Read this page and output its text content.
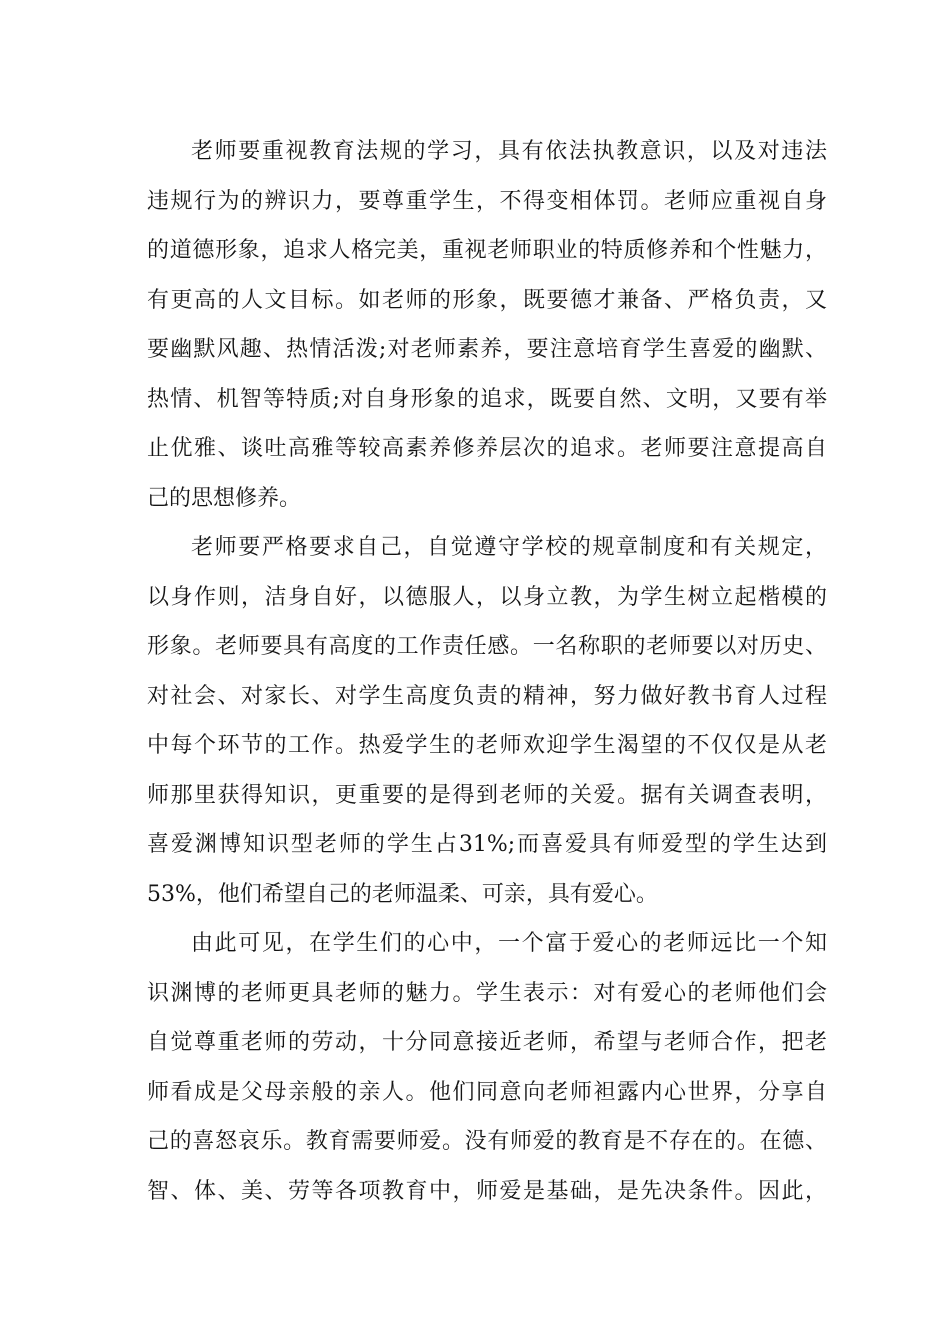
老师要重视教育法规的学习，具有依法执教意识，以及对违法
违规行为的辨识力，要尊重学生，不得变相体罚。老师应重视自身
的道德形象，追求人格完美，重视老师职业的特质修养和个性魅力，
有更高的人文目标。如老师的形象，既要德才兼备、严格负责，又
要幽默风趣、热情活泼;对老师素养，要注意培育学生喜爱的幽默、
热情、机智等特质;对自身形象的追求，既要自然、文明，又要有举
止优雅、谈吐高雅等较高素养修养层次的追求。老师要注意提高自
己的思想修养。

老师要严格要求自己，自觉遵守学校的规章制度和有关规定，
以身作则，洁身自好，以德服人，以身立教，为学生树立起楷模的
形象。老师要具有高度的工作责任感。一名称职的老师要以对历史、
对社会、对家长、对学生高度负责的精神，努力做好教书育人过程
中每个环节的工作。热爱学生的老师欢迎学生渴望的不仅仅是从老
师那里获得知识，更重要的是得到老师的关爱。据有关调查表明，
喜爱渊博知识型老师的学生占31%;而喜爱具有师爱型的学生达到
53%，他们希望自己的老师温柔、可亲，具有爱心。

由此可见，在学生们的心中，一个富于爱心的老师远比一个知
识渊博的老师更具老师的魅力。学生表示：对有爱心的老师他们会
自觉尊重老师的劳动，十分同意接近老师，希望与老师合作，把老
师看成是父母亲般的亲人。他们同意向老师袒露内心世界，分享自
己的喜怒哀乐。教育需要师爱。没有师爱的教育是不存在的。在德、
智、体、美、劳等各项教育中，师爱是基础，是先决条件。因此，
